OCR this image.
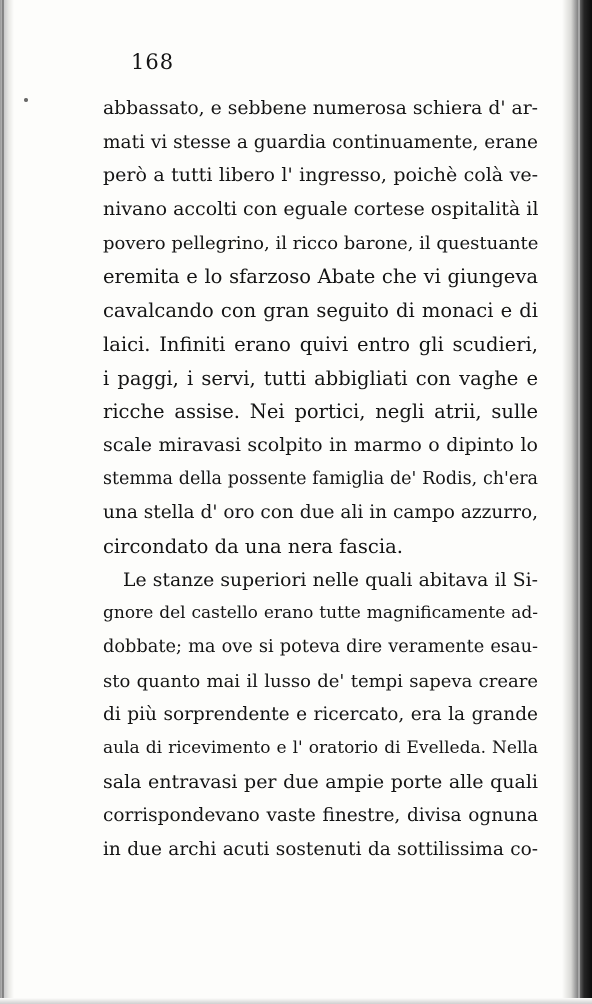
168
abbassato, e sebbene numerosa schiera d' ar-
mati vi stesse a guardia continuamente, erane
però a tutti libero l' ingresso, poichè colà ve-
nivano accolti con eguale cortese ospitalità il
povero pellegrino, il ricco barone, il questuante
eremita e lo sfarzoso Abate che vi giungeva
cavalcando con gran seguito di monaci e di
laici. Infiniti erano quivi entro gli scudieri,
i paggi, i servi, tutti abbigliati con vaghe e
ricche assise. Nei portici, negli atrii, sulle
scale miravasi scolpito in marmo o dipinto lo
stemma della possente famiglia de' Rodis, ch'era
una stella d' oro con due ali in campo azzurro,
circondato da una nera fascia.
Le stanze superiori nelle quali abitava il Si-
gnore del castello erano tutte magnificamente ad-
dobbate; ma ove si poteva dire veramente esau-
sto quanto mai il lusso de' tempi sapeva creare
di più sorprendente e ricercato, era la grande
aula di ricevimento e l' oratorio di Evelleda. Nella
sala entravasi per due ampie porte alle quali
corrispondevano vaste finestre, divisa ognuna
in due archi acuti sostenuti da sottilissima co-
